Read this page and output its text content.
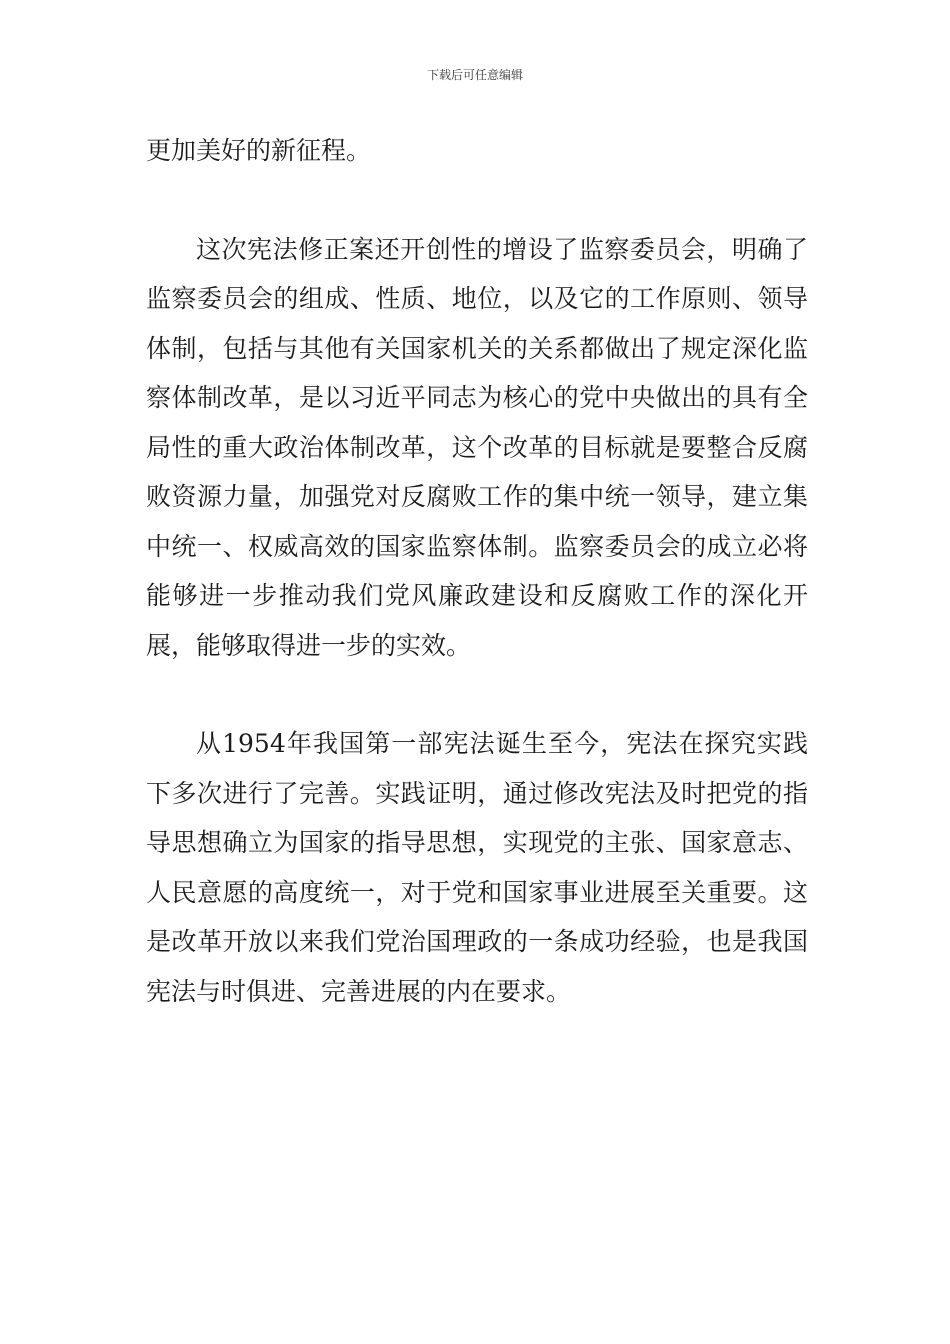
下载后可任意编辑

更加美好的新征程。

这次宪法修正案还开创性的增设了监察委员会，明确了监察委员会的组成、性质、地位，以及它的工作原则、领导体制，包括与其他有关国家机关的关系都做出了规定深化监察体制改革，是以习近平同志为核心的党中央做出的具有全局性的重大政治体制改革，这个改革的目标就是要整合反腐败资源力量，加强党对反腐败工作的集中统一领导，建立集中统一、权威高效的国家监察体制。监察委员会的成立必将能够进一步推动我们党风廉政建设和反腐败工作的深化开展，能够取得进一步的实效。

从1954年我国第一部宪法诞生至今，宪法在探究实践下多次进行了完善。实践证明，通过修改宪法及时把党的指导思想确立为国家的指导思想，实现党的主张、国家意志、人民意愿的高度统一，对于党和国家事业进展至关重要。这是改革开放以来我们党治国理政的一条成功经验，也是我国宪法与时俱进、完善进展的内在要求。
